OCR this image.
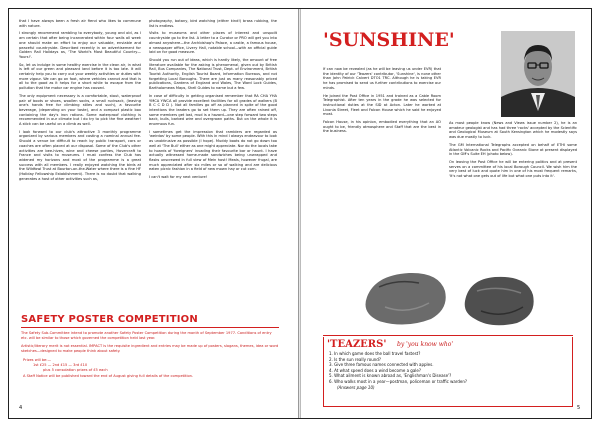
that I have always been a fresh air fiend who likes to commune with nature.

I strongly recommend rambling to everybody, young and old, as I am certain that after being incarcerated within four walls all week one should make an effort to enjoy our valuable, enviable and peaceful countryside. Described recently in an advertisement for Golden Rail Holidays as, 'The World's Most Beautiful Country—Yours!'.

So, let us indulge in some healthy exercise in the clean air, in what is left of our green and pleasant land before it is too late. It will certainly help you to carry out your weekly activities or duties with more vigour. We can go on foot, where vehicles cannot and that is all to the good as it helps for a short while to escape from the pollution that the motor car engine has caused.

The only equipment necessary is a comfortable, stout, waterproof pair of boots or shoes, woollen socks, a small rucksack, (leaving one's hands free for climbing stiles and such), a favourite beverage, (depending on your taste), and a compact plastic box containing the day's iron rations. Some waterproof clothing is recommended in our climate but I do try to pick the fine weather! A stick can be useful on a climb as well.

I look forward to our club's attractive 3 monthly programme organized by various members and costing a nominal annual fee. Should a venue be difficult to reach by public transport, cars or coaches are often placed at our disposal. Some of the Club's other activities are bee-hives, wine and cheese parties, Hovercraft to France and visits to museums. I must confess the Club has widened my horizons and most of the programme is a great success with all members. I really enjoyed watching the birds at the Wildfowl Trust at Bourton-on-the-Water where there is a fine HF (Holiday Fellowship Establishment). There is no doubt that walking generates a host of other activities such as,

photography, botany, bird watching (either kind!) brass rubbing, the list is endless.

Visits to museums and other places of interest and unspoilt countryside go to the list. A letter to a Curator or PRO will get you into almost anywhere—the Archbishop's Palace, a castle, a famous house, a newspaper office, Livery Hall, notable school—with an official guide laid on for good measure.

Should you run out of ideas, which is hardly likely, the amount of free literature available for the asking is phenomenal, given out by British Rail, Bus Companies, The National Trust, Dept. of Environment, British Tourist Authority, English Tourist Board, Information Bureaus, and not forgetting Local Boroughs. There are just as many reasonably priced publications, Gardens of England and Wales, The Ward Lock Guides, Bartholomews Maps, Shell Guides to name but a few.

In case of difficulty in getting organised remember that RA CHA YHA YMCA YWCA all provide excellent facilities for all grades of walkers (B B C C D D ). Not all families go off as planned in spite of the good intentions the leaders go to set them up. They are often rained off, some members get lost, mud is a hazard—one step forward two steps back, bulls, barbed wire and overgrown paths. But on the whole it is enormous fun.

I sometimes get the impression that ramblers are regarded as 'weirdos' by some people. With this in mind I always endeavour to look as unobtrusive as possible (I hope). Muddy boots do not go down too well at 'The Bull' either as one might appreciate. Nor do the locals take to hoards of 'foreigners' invading their favourite bar or haunt. I have actually witnessed home-made sandwiches being unwrapped and flasks unscrewed in full view of Mein host! Meals, however frugal, are much appreciated after six miles or so of walking and are delicious eaten picnic fashion in a field of new mown hay or cut corn.

I can't wait for my next venture!

SAFETY POSTER COMPETITION
The Safety Sub-Committee intend to promote another Safety Poster Competition during the month of September 1977. Conditions of entry etc. will be similar to those which governed the competition held last year.
Artistic/literary merit is not essential. IMPACT is the requisite ingredient and entries may be made up of posters, slogans, themes, idea or word sketches—designed to make people think about safety.
Prizes will be:—
1st £25 — 2nd £15 — 3rd £10
plus 5 consolation prizes of £5 each
A Staff Notice will be published toward the end of August giving full details of the competition.
4
'SUNSHINE'

If can now be revealed (as he will be leaving us under EVR) that the identity of our 'Teazers' contributor, 'Sunshine', is none other than John Patrick Calvert DTO1 TRC. Although he is taking EVR he has promised to send us further contributions to exercise our minds.

He joined the Post Office in 1951 and trained as a Cable Room Telegraphist. After ten years in the grade he was selected for instructional duties at the SID at Acton. Later he worked at Livonia Street, Fleet and Falcon House which he said he enjoyed most.

Falcon House, in his opinion, embodied everything that an AO ought to be, friendly atmosphere and Staff that are the best in the business.

As most people know (News and Views issue number 2), he is an amateur geologist and has had three 'rocks' accepted by the Scientific and Geological Museum at South Kensington which he modestly says was due mostly to luck.

The GM International Telegraphs accepted on behalf of ETHI some Atlantic Volcanic Rocks and Pacific Oceanic Stone at present displayed in the GM's Suite EH (photo below).

On leaving the Post Office he will be entering politics and at present serves on a committee of his local Borough Council. We wish him the very best of luck and quote him in one of his most frequent remarks, 'It's not what one gets out of life but what one puts into it'.

'TEAZERS' by 'you know who'
1. In which game does the ball travel fastest?
2. Is the sun really round?
3. Give three famous names connected with apples.
4. At what speed does a wind become a gale?
5. What ailment is known abroad as, 'Englishman's Disease'?
6. Who walks most in a year—postman, policeman or traffic warden?
(Answers page 10)
5
